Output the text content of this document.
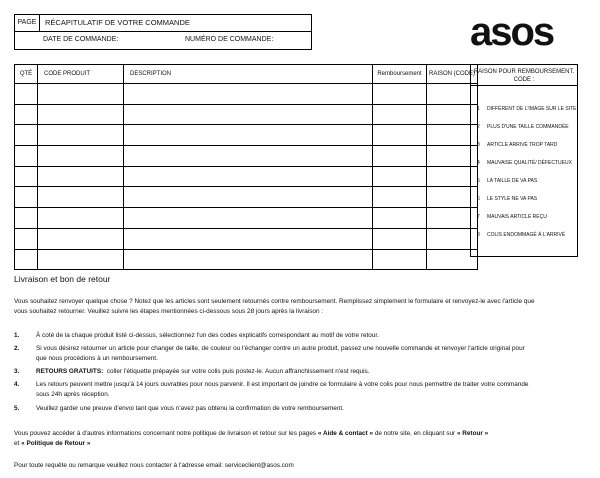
PAGE	RÉCAPITULATIF DE VOTRE COMMANDE
DATE DE COMMANDE:	NUMÉRO DE COMMANDE:	asos
QTÉ	CODE PRODUIT	DESCRIPTION	Remboursement	RAISON (CODE)

RAISON POUR REMBOURSEMENT. CODE :
1 DIFFÉRENT DE L'IMAGE SUR LE SITE
2 PLUS D'UNE TAILLE COMMANDÉE
3 ARTICLE ARRIVÉ TROP TARD
4 MAUVAISE QUALITÉ/ DÉFECTUEUX
5 LA TAILLE DE VA PAS
6 LE STYLE NE VA PAS
7 MAUVAIS ARTICLE REÇU
8 COLIS ENDOMMAGÉ À L'ARRIVÉ
Livraison et bon de retour
Vous souhaitez renvoyer quelque chose ? Notez que les articles sont seulement retournés contre remboursement. Remplissez simplement le formulaire et renvoyez-le avec l'article que
vous souhaitez retourner. Veuillez suivre les étapes mentionnées ci-dessous sous 28 jours après la livraison :
1.	À coté de la chaque produit listé ci-dessus, sélectionnez l'un des codes explicatifs correspondant au motif de votre retour.
2.	Si vous désirez retourner un article pour changer de taille, de couleur ou l'échanger contre un autre produit, passez une nouvelle commande et renvoyer l'article original pour
que nous procédions à un remboursement.
3.	RETOURS GRATUITS: coller l'étiquette prépayée sur votre colis puis postez-le. Aucun affranchissement n'est requis.
4.	Les retours peuvent mettre jusqu'à 14 jours ouvrables pour nous parvenir. Il est important de joindre ce formulaire à votre colis pour nous permettre de traiter votre commande
sous 24h après réception.
5.	Veuillez garder une preuve d'envoi tant que vous n'avez pas obtenu la confirmation de votre remboursement.
Vous pouvez accéder à d'autres informations concernant notre politique de livraison et retour sur les pages « Aide & contact » de notre site, en cliquant sur « Retour »
et « Politique de Retour »
Pour toute requête ou remarque veuillez nous contacter à l'adresse email: serviceclient@asos.com
